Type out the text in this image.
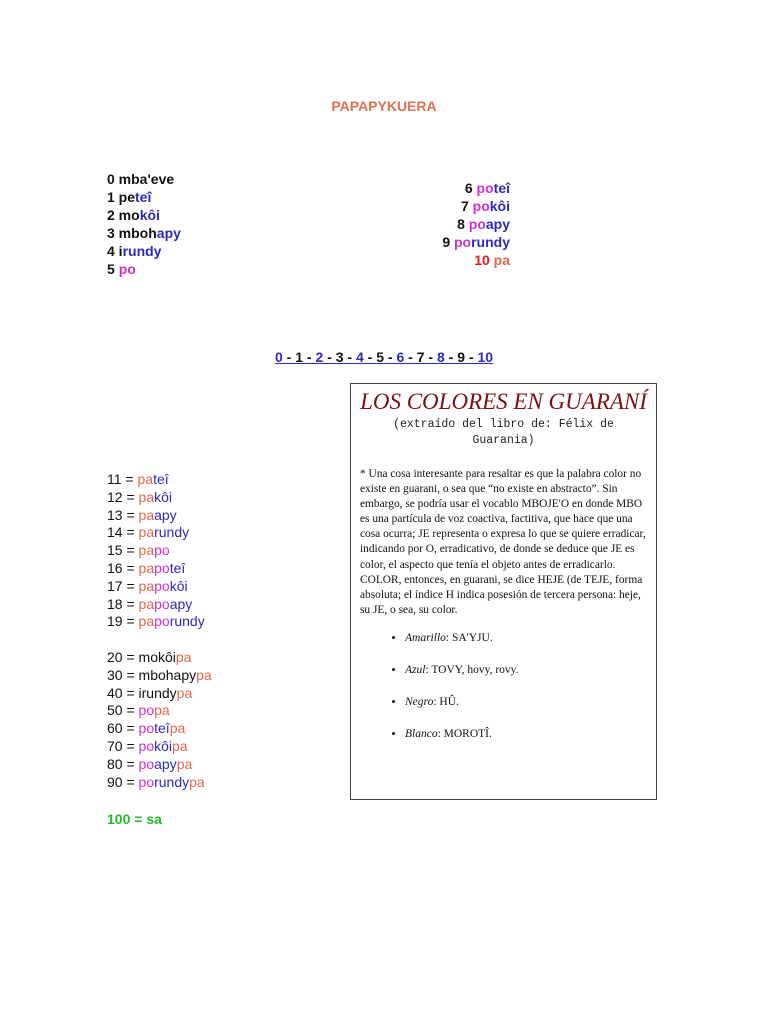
PAPAPYKUERA
0 mba'eve
1 peteî
2 mokôi
3 mbohapy
4 irundy
5 po
6 poteî
7 pokôi
8 poapy
9 porundy
10 pa
0 - 1 - 2 - 3 - 4 - 5 - 6 - 7 - 8 - 9 - 10
11 = pateî
12 = pakôi
13 = paapy
14 = parundy
15 = papo
16 = papoteî
17 = papokôi
18 = papoapy
19 = paporundy
20 = mokôipa
30 = mbohapypa
40 = irundypa
50 = popa
60 = poteîpa
70 = pokôipa
80 = poapypa
90 = porundypa
100 = sa
LOS COLORES EN GUARANÍ
(extraído del libro de: Félix de Guarania)

* Una cosa interesante para resaltar es que la palabra color no existe en guarani, o sea que “no existe en abstracto”. Sin embargo, se podría usar el vocablo MBOJE'O en donde MBO es una partícula de voz coactiva, factitiva, que hace que una cosa ocurra; JE representa o expresa lo que se quiere erradicar, indicando por O, erradicativo, de donde se deduce que JE es color, el aspecto que tenía el objeto antes de erradicarlo. COLOR, entonces, en guarani, se dice HEJE (de TEJE, forma absoluta; el índice H indica posesión de tercera persona: heje, su JE, o sea, su color.

• Amarillo: SA'YJU.
• Azul: TOVY, hovy, rovy.
• Negro: HÛ.
• Blanco: MOROTÎ.
